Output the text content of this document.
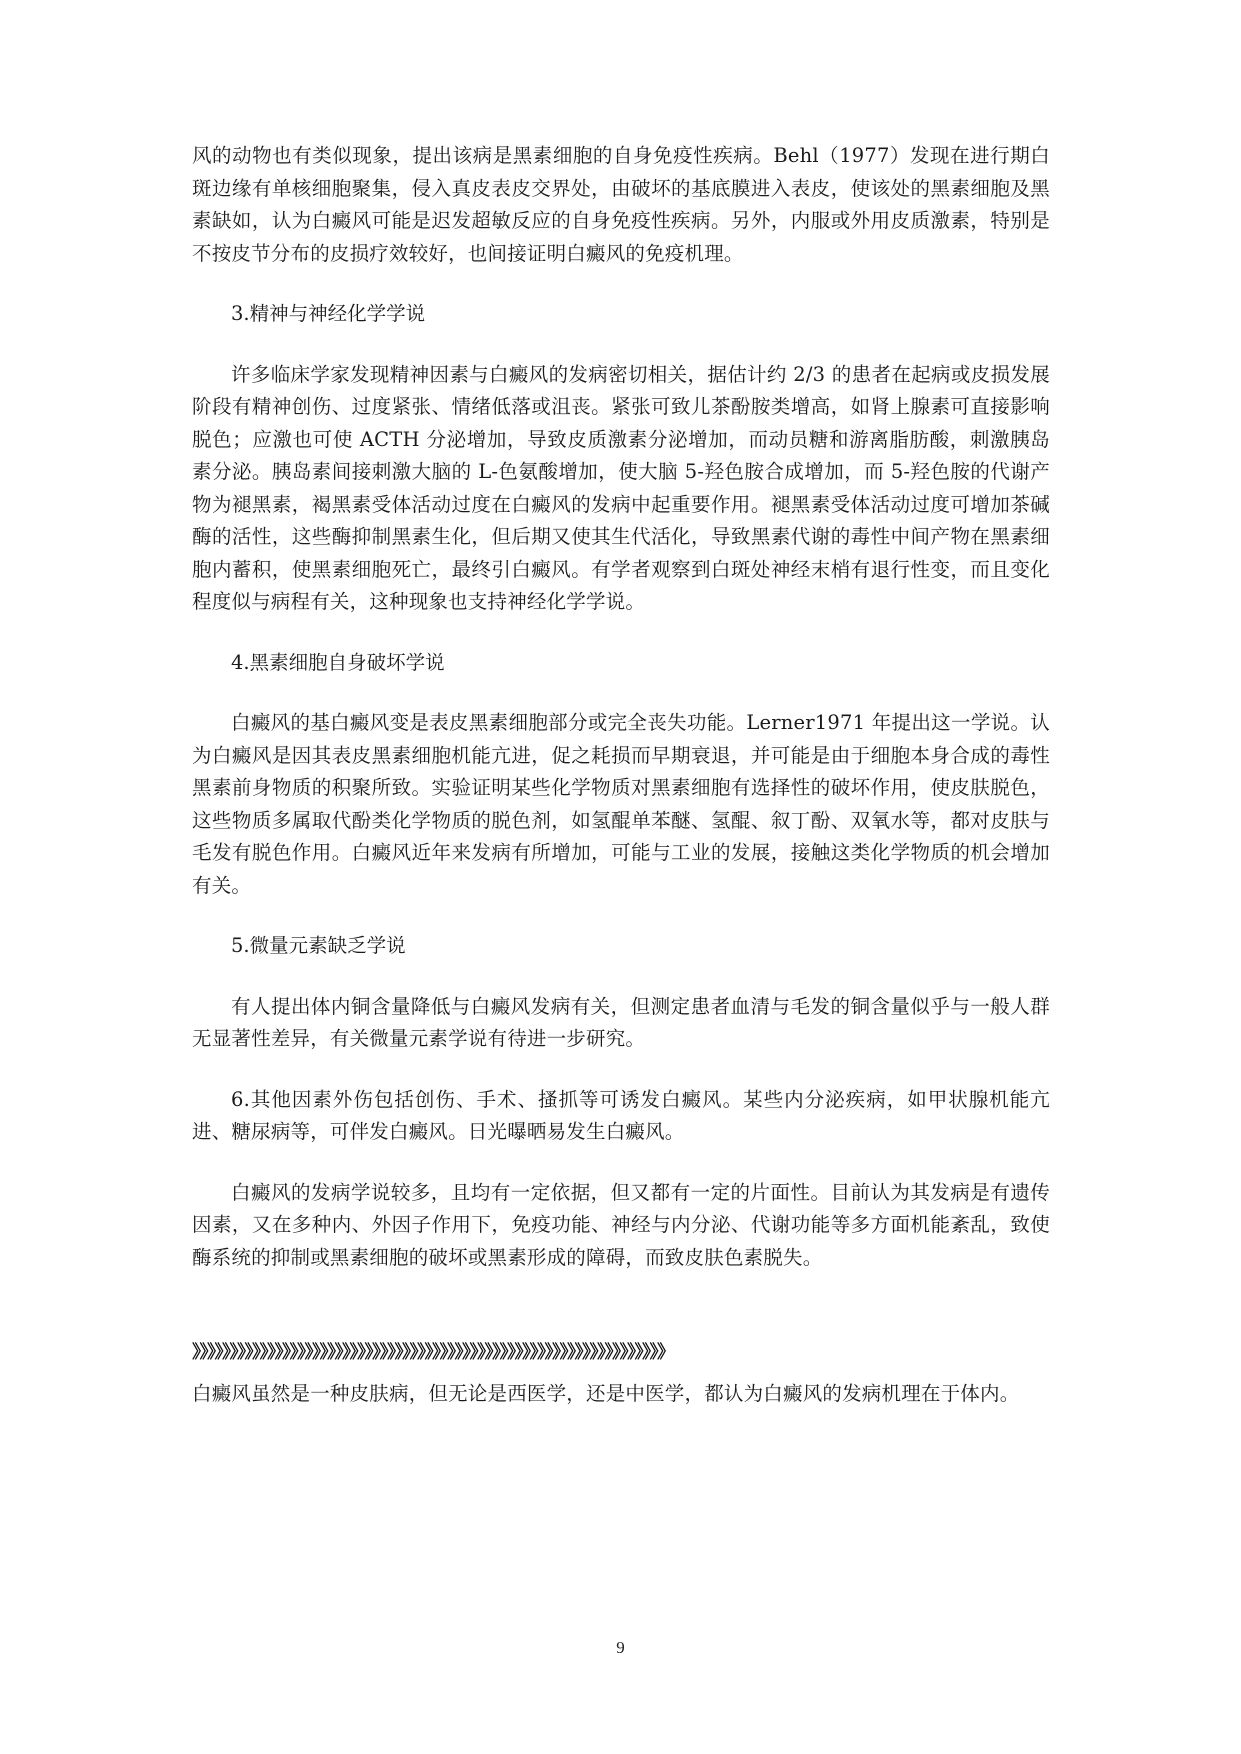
风的动物也有类似现象，提出该病是黑素细胞的自身免疫性疾病。Behl（1977）发现在进行期白斑边缘有单核细胞聚集，侵入真皮表皮交界处，由破坏的基底膜进入表皮，使该处的黑素细胞及黑素缺如，认为白癜风可能是迟发超敏反应的自身免疫性疾病。另外，内服或外用皮质激素，特别是不按皮节分布的皮损疗效较好，也间接证明白癜风的免疫机理。

3.精神与神经化学学说

许多临床学家发现精神因素与白癜风的发病密切相关，据估计约 2/3 的患者在起病或皮损发展阶段有精神创伤、过度紧张、情绪低落或沮丧。紧张可致儿茶酚胺类增高，如肾上腺素可直接影响脱色；应激也可使 ACTH 分泌增加，导致皮质激素分泌增加，而动员糖和游离脂肪酸，刺激胰岛素分泌。胰岛素间接刺激大脑的 L-色氨酸增加，使大脑 5-羟色胺合成增加，而 5-羟色胺的代谢产物为褪黑素，褐黑素受体活动过度在白癜风的发病中起重要作用。褪黑素受体活动过度可增加茶碱酶的活性，这些酶抑制黑素生化，但后期又使其生代活化，导致黑素代谢的毒性中间产物在黑素细胞内蓄积，使黑素细胞死亡，最终引白癜风。有学者观察到白斑处神经末梢有退行性变，而且变化程度似与病程有关，这种现象也支持神经化学学说。

4.黑素细胞自身破坏学说

白癜风的基白癜风变是表皮黑素细胞部分或完全丧失功能。Lerner1971 年提出这一学说。认为白癜风是因其表皮黑素细胞机能亢进，促之耗损而早期衰退，并可能是由于细胞本身合成的毒性黑素前身物质的积聚所致。实验证明某些化学物质对黑素细胞有选择性的破坏作用，使皮肤脱色，这些物质多属取代酚类化学物质的脱色剂，如氢醌单苯醚、氢醌、叙丁酚、双氧水等，都对皮肤与毛发有脱色作用。白癜风近年来发病有所增加，可能与工业的发展，接触这类化学物质的机会增加有关。

5.微量元素缺乏学说

有人提出体内铜含量降低与白癜风发病有关，但测定患者血清与毛发的铜含量似乎与一般人群无显著性差异，有关微量元素学说有待进一步研究。

6.其他因素外伤包括创伤、手术、搔抓等可诱发白癜风。某些内分泌疾病，如甲状腺机能亢进、糖尿病等，可伴发白癜风。日光曝晒易发生白癜风。

白癜风的发病学说较多，且均有一定依据，但又都有一定的片面性。目前认为其发病是有遗传因素，又在多种内、外因子作用下，免疫功能、神经与内分泌、代谢功能等多方面机能紊乱，致使酶系统的抑制或黑素细胞的破坏或黑素形成的障碍，而致皮肤色素脱失。

》》》》》》》》》》》》》》》》》》》》》》》》》》》》》》》》》》》》》》》》》》》》》》》》》》》》》》》》》》》》》》》

白癜风虽然是一种皮肤病，但无论是西医学，还是中医学，都认为白癜风的发病机理在于体内。

9
